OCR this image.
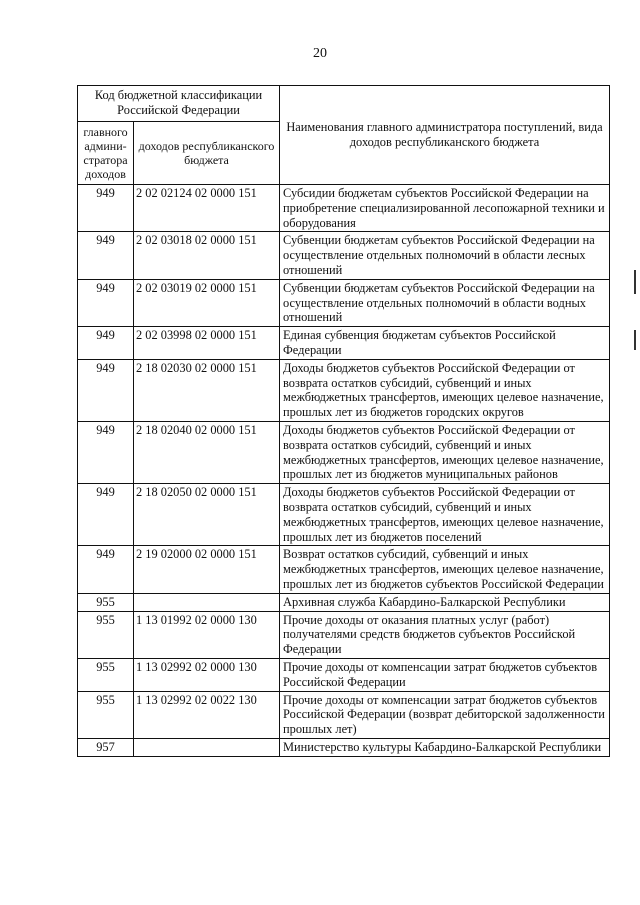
20
Код бюджетной классификации Российской Федерации		Наименования главного администратора поступлений, вида доходов республиканского бюджета
главного админи-стратора доходов	доходов республиканского бюджета	
949	2 02 02124 02 0000 151	Субсидии бюджетам субъектов Российской Федерации на приобретение специализированной лесопожарной техники и оборудования
949	2 02 03018 02 0000 151	Субвенции бюджетам субъектов Российской Федерации на осуществление отдельных полномочий в области лесных отношений
949	2 02 03019 02 0000 151	Субвенции бюджетам субъектов Российской Федерации на осуществление отдельных полномочий в области водных отношений
949	2 02 03998 02 0000 151	Единая субвенция бюджетам субъектов Российской Федерации
949	2 18 02030 02 0000 151	Доходы бюджетов субъектов Российской Федерации от возврата остатков субсидий, субвенций и иных межбюджетных трансфертов, имеющих целевое назначение, прошлых лет из бюджетов городских округов
949	2 18 02040 02 0000 151	Доходы бюджетов субъектов Российской Федерации от возврата остатков субсидий, субвенций и иных межбюджетных трансфертов, имеющих целевое назначение, прошлых лет из бюджетов муниципальных районов
949	2 18 02050 02 0000 151	Доходы бюджетов субъектов Российской Федерации от возврата остатков субсидий, субвенций и иных межбюджетных трансфертов, имеющих целевое назначение, прошлых лет из бюджетов поселений
949	2 19 02000 02 0000 151	Возврат остатков субсидий, субвенций и иных межбюджетных трансфертов, имеющих целевое назначение, прошлых лет из бюджетов субъектов Российской Федерации
955		Архивная служба Кабардино-Балкарской Республики
955	1 13 01992 02 0000 130	Прочие доходы от оказания платных услуг (работ) получателями средств бюджетов субъектов Российской Федерации
955	1 13 02992 02 0000 130	Прочие доходы от компенсации затрат бюджетов субъектов Российской Федерации
955	1 13 02992 02 0022 130	Прочие доходы от компенсации затрат бюджетов субъектов Российской Федерации (возврат дебиторской задолженности прошлых лет)
957		Министерство культуры Кабардино-Балкарской Республики
